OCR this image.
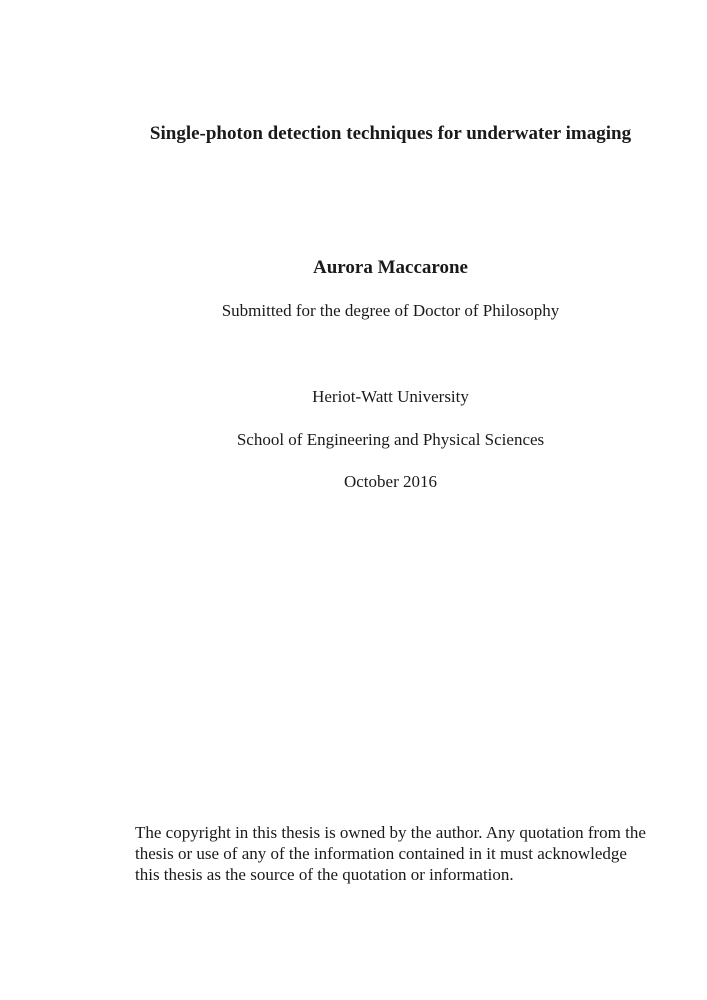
Single-photon detection techniques for underwater imaging
Aurora Maccarone
Submitted for the degree of Doctor of Philosophy
Heriot-Watt University
School of Engineering and Physical Sciences
October 2016
The copyright in this thesis is owned by the author. Any quotation from the
thesis or use of any of the information contained in it must acknowledge
this thesis as the source of the quotation or information.
